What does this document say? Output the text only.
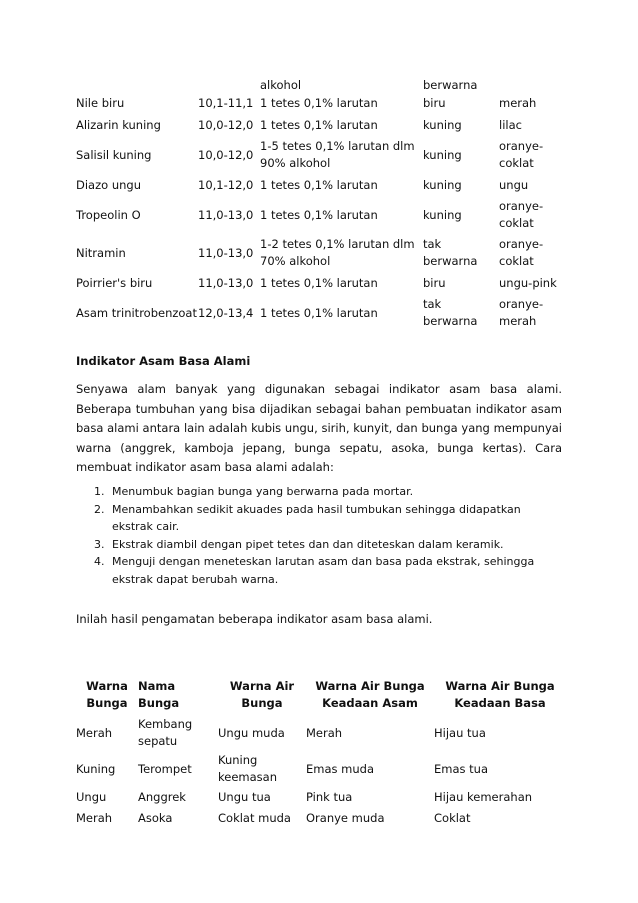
		alkohol	berwarna	
Nile biru	10,1-11,1	1 tetes 0,1% larutan	biru	merah
Alizarin kuning	10,0-12,0	1 tetes 0,1% larutan	kuning	lilac
Salisil kuning	10,0-12,0	1-5 tetes 0,1% larutan dlm 90% alkohol	kuning	oranye-coklat
Diazo ungu	10,1-12,0	1 tetes 0,1% larutan	kuning	ungu
Tropeolin O	11,0-13,0	1 tetes 0,1% larutan	kuning	oranye-coklat
Nitramin	11,0-13,0	1-2 tetes 0,1% larutan dlm 70% alkohol	tak berwarna	oranye-coklat
Poirrier's biru	11,0-13,0	1 tetes 0,1% larutan	biru	ungu-pink
Asam trinitrobenzoat	12,0-13,4	1 tetes 0,1% larutan	tak berwarna	oranye-merah
Indikator Asam Basa Alami
Senyawa alam banyak yang digunakan sebagai indikator asam basa alami. Beberapa tumbuhan yang bisa dijadikan sebagai bahan pembuatan indikator asam basa alami antara lain adalah kubis ungu, sirih, kunyit, dan bunga yang mempunyai warna (anggrek, kamboja jepang, bunga sepatu, asoka, bunga kertas). Cara membuat indikator asam basa alami adalah:
1. Menumbuk bagian bunga yang berwarna pada mortar.
2. Menambahkan sedikit akuades pada hasil tumbukan sehingga didapatkan ekstrak cair.
3. Ekstrak diambil dengan pipet tetes dan dan diteteskan dalam keramik.
4. Menguji dengan meneteskan larutan asam dan basa pada ekstrak, sehingga ekstrak dapat berubah warna.
Inilah hasil pengamatan beberapa indikator asam basa alami.
Warna Bunga	Nama Bunga	Warna Air Bunga	Warna Air Bunga Keadaan Asam	Warna Air Bunga Keadaan Basa
Merah	Kembang sepatu	Ungu muda	Merah	Hijau tua
Kuning	Terompet	Kuning keemasan	Emas muda	Emas tua
Ungu	Anggrek	Ungu tua	Pink tua	Hijau kemerahan
Merah	Asoka	Coklat muda	Oranye muda	Coklat
